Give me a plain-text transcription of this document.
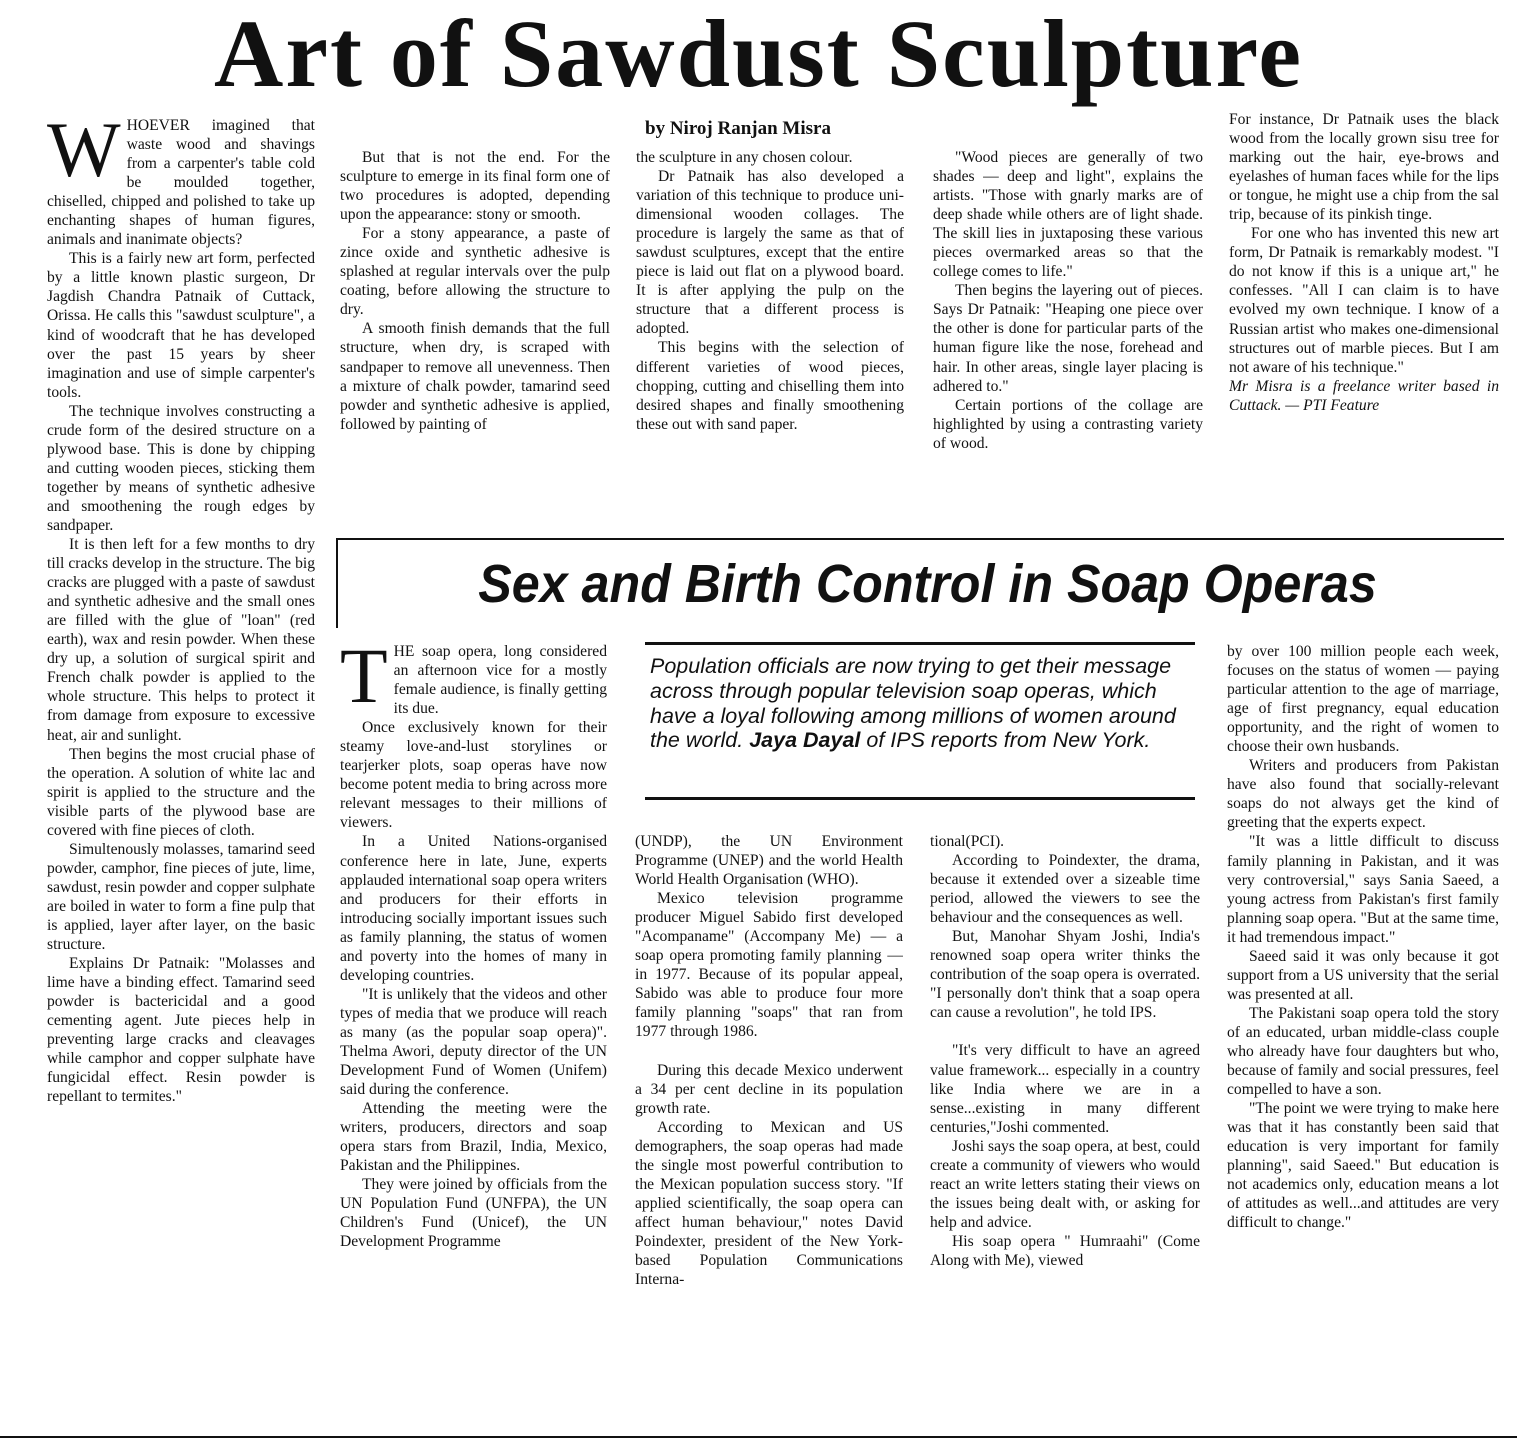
Art of Sawdust Sculpture
by Niroj Ranjan Misra

WHOEVER imagined that waste wood and shavings from a carpenter's table cold be moulded together, chiselled, chipped and polished to take up enchanting shapes of human figures, animals and inanimate objects?

This is a fairly new art form, perfected by a little known plastic surgeon, Dr Jagdish Chandra Patnaik of Cuttack, Orissa. He calls this "sawdust sculpture", a kind of woodcraft that he has developed over the past 15 years by sheer imagination and use of simple carpenter's tools.

The technique involves constructing a crude form of the desired structure on a plywood base. This is done by chipping and cutting wooden pieces, sticking them together by means of synthetic adhesive and smoothening the rough edges by sandpaper.

It is then left for a few months to dry till cracks develop in the structure. The big cracks are plugged with a paste of sawdust and synthetic adhesive and the small ones are filled with the glue of "loan" (red earth), wax and resin powder. When these dry up, a solution of surgical spirit and French chalk powder is applied to the whole structure. This helps to protect it from damage from exposure to excessive heat, air and sunlight.

Then begins the most crucial phase of the operation. A solution of white lac and spirit is applied to the structure and the visible parts of the plywood base are covered with fine pieces of cloth.

Simultenously molasses, tamarind seed powder, camphor, fine pieces of jute, lime, sawdust, resin powder and copper sulphate are boiled in water to form a fine pulp that is applied, layer after layer, on the basic structure.

Explains Dr Patnaik: "Molasses and lime have a binding effect. Tamarind seed powder is bactericidal and a good cementing agent. Jute pieces help in preventing large cracks and cleavages while camphor and copper sulphate have fungicidal effect. Resin powder is repellant to termites."

But that is not the end. For the sculpture to emerge in its final form one of two procedures is adopted, depending upon the appearance: stony or smooth.

For a stony appearance, a paste of zince oxide and synthetic adhesive is splashed at regular intervals over the pulp coating, before allowing the structure to dry.

A smooth finish demands that the full structure, when dry, is scraped with sandpaper to remove all unevenness. Then a mixture of chalk powder, tamarind seed powder and synthetic adhesive is applied, followed by painting of

the sculpture in any chosen colour.

Dr Patnaik has also developed a variation of this technique to produce uni-dimensional wooden collages. The procedure is largely the same as that of sawdust sculptures, except that the entire piece is laid out flat on a plywood board. It is after applying the pulp on the structure that a different process is adopted.

This begins with the selection of different varieties of wood pieces, chopping, cutting and chiselling them into desired shapes and finally smoothening these out with sand paper.

"Wood pieces are generally of two shades — deep and light", explains the artists. "Those with gnarly marks are of deep shade while others are of light shade. The skill lies in juxtaposing these various pieces overmarked areas so that the college comes to life."

Then begins the layering out of pieces. Says Dr Patnaik: "Heaping one piece over the other is done for particular parts of the human figure like the nose, forehead and hair. In other areas, single layer placing is adhered to."

Certain portions of the collage are highlighted by using a contrasting variety of wood.

For instance, Dr Patnaik uses the black wood from the locally grown sisu tree for marking out the hair, eye-brows and eyelashes of human faces while for the lips or tongue, he might use a chip from the sal trip, because of its pinkish tinge.

For one who has invented this new art form, Dr Patnaik is remarkably modest. "I do not know if this is a unique art," he confesses. "All I can claim is to have evolved my own technique. I know of a Russian artist who makes one-dimensional structures out of marble pieces. But I am not aware of his technique."

Mr Misra is a freelance writer based in Cuttack. — PTI Feature

Sex and Birth Control in Soap Operas
Population officials are now trying to get their message across through popular television soap operas, which have a loyal following among millions of women around the world. Jaya Dayal of IPS reports from New York.

THE soap opera, long considered an afternoon vice for a mostly female audience, is finally getting its due.

Once exclusively known for their steamy love-and-lust storylines or tearjerker plots, soap operas have now become potent media to bring across more relevant messages to their millions of viewers.

In a United Nations-organised conference here in late, June, experts applauded international soap opera writers and producers for their efforts in introducing socially important issues such as family planning, the status of women and poverty into the homes of many in developing countries.

"It is unlikely that the videos and other types of media that we produce will reach as many (as the popular soap opera)". Thelma Awori, deputy director of the UN Development Fund of Women (Unifem) said during the conference.

Attending the meeting were the writers, producers, directors and soap opera stars from Brazil, India, Mexico, Pakistan and the Philippines.

They were joined by officials from the UN Population Fund (UNFPA), the UN Children's Fund (Unicef), the UN Development Programme

(UNDP), the UN Environment Programme (UNEP) and the world Health World Health Organisation (WHO).

Mexico television programme producer Miguel Sabido first developed "Acompaname" (Accompany Me) — a soap opera promoting family planning — in 1977. Because of its popular appeal, Sabido was able to produce four more family planning "soaps" that ran from 1977 through 1986.

During this decade Mexico underwent a 34 per cent decline in its population growth rate.

According to Mexican and US demographers, the soap operas had made the single most powerful contribution to the Mexican population success story. "If applied scientifically, the soap opera can affect human behaviour," notes David Poindexter, president of the New York-based Population Communications Interna-

tional(PCI).

According to Poindexter, the drama, because it extended over a sizeable time period, allowed the viewers to see the behaviour and the consequences as well.

But, Manohar Shyam Joshi, India's renowned soap opera writer thinks the contribution of the soap opera is overrated. "I personally don't think that a soap opera can cause a revolution", he told IPS.

"It's very difficult to have an agreed value framework... especially in a country like India where we are in a sense...existing in many different centuries,"Joshi commented.

Joshi says the soap opera, at best, could create a community of viewers who would react an write letters stating their views on the issues being dealt with, or asking for help and advice.

His soap opera " Humraahi" (Come Along with Me), viewed

by over 100 million people each week, focuses on the status of women — paying particular attention to the age of marriage, age of first pregnancy, equal education opportunity, and the right of women to choose their own husbands.

Writers and producers from Pakistan have also found that socially-relevant soaps do not always get the kind of greeting that the experts expect.

"It was a little difficult to discuss family planning in Pakistan, and it was very controversial," says Sania Saeed, a young actress from Pakistan's first family planning soap opera. "But at the same time, it had tremendous impact."

Saeed said it was only because it got support from a US university that the serial was presented at all.

The Pakistani soap opera told the story of an educated, urban middle-class couple who already have four daughters but who, because of family and social pressures, feel compelled to have a son.

"The point we were trying to make here was that it has constantly been said that education is very important for family planning", said Saeed." But education is not academics only, education means a lot of attitudes as well...and attitudes are very difficult to change."
